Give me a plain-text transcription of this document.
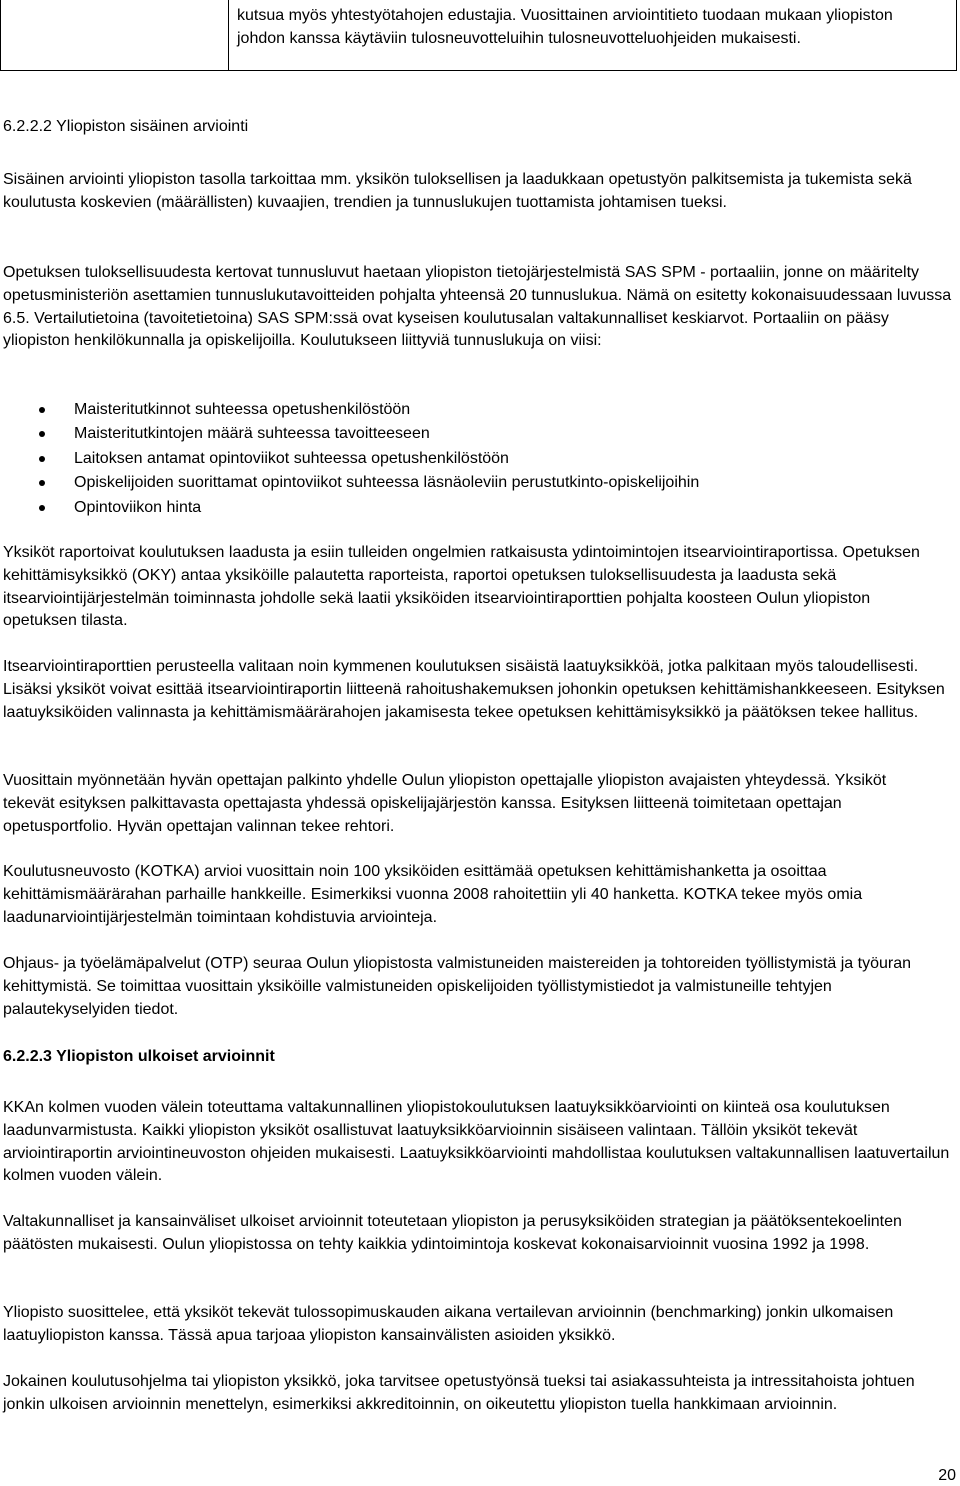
kutsua myös yhtestyötahojen edustajia. Vuosittainen arviointitieto tuodaan mukaan yliopiston johdon kanssa käytäviin tulosneuvotteluihin tulosneuvotteluohjeiden mukaisesti.
6.2.2.2 Yliopiston sisäinen arviointi

Sisäinen arviointi yliopiston tasolla tarkoittaa mm. yksikön tuloksellisen ja laadukkaan opetustyön palkitsemista ja tukemista sekä koulutusta koskevien (määrällisten) kuvaajien, trendien ja tunnuslukujen tuottamista johtamisen tueksi.

Opetuksen tuloksellisuudesta kertovat tunnusluvut haetaan yliopiston tietojärjestelmistä SAS SPM - portaaliin, jonne on määritelty opetusministeriön asettamien tunnuslukutavoitteiden pohjalta yhteensä 20 tunnuslukua. Nämä on esitetty kokonaisuudessaan luvussa 6.5. Vertailutietoina (tavoitetietoina) SAS SPM:ssä ovat kyseisen koulutusalan valtakunnalliset keskiarvot. Portaaliin on pääsy yliopiston henkilökunnalla ja opiskelijoilla. Koulutukseen liittyviä tunnuslukuja on viisi:

Maisteritutkinnot suhteessa opetushenkilöstöön
Maisteritutkintojen määrä suhteessa tavoitteeseen
Laitoksen antamat opintoviikot suhteessa opetushenkilöstöön
Opiskelijoiden suorittamat opintoviikot suhteessa läsnäoleviin perustutkinto-opiskelijoihin
Opintoviikon hinta

Yksiköt raportoivat koulutuksen laadusta ja esiin tulleiden ongelmien ratkaisusta ydintoimintojen itsearviointiraportissa. Opetuksen kehittämisyksikkö (OKY) antaa yksiköille palautetta raporteista, raportoi opetuksen tuloksellisuudesta ja laadusta sekä itsearviointijärjestelmän toiminnasta johdolle sekä laatii yksiköiden itsearviointiraporttien pohjalta koosteen Oulun yliopiston opetuksen tilasta.

Itsearviointiraporttien perusteella valitaan noin kymmenen koulutuksen sisäistä laatuyksikköä, jotka palkitaan myös taloudellisesti. Lisäksi yksiköt voivat esittää itsearviointiraportin liitteenä rahoitushakemuksen johonkin opetuksen kehittämishankkeeseen. Esityksen laatuyksiköiden valinnasta ja kehittämismäärärahojen jakamisesta tekee opetuksen kehittämisyksikkö ja päätöksen tekee hallitus.

Vuosittain myönnetään hyvän opettajan palkinto yhdelle Oulun yliopiston opettajalle yliopiston avajaisten yhteydessä. Yksiköt tekevät esityksen palkittavasta opettajasta yhdessä opiskelijajärjestön kanssa. Esityksen liitteenä toimitetaan opettajan opetusportfolio. Hyvän opettajan valinnan tekee rehtori.

Koulutusneuvosto (KOTKA) arvioi vuosittain noin 100 yksiköiden esittämää opetuksen kehittämishanketta ja osoittaa kehittämismäärärahan parhaille hankkeille. Esimerkiksi vuonna 2008 rahoitettiin yli 40 hanketta. KOTKA tekee myös omia laadunarviointijärjestelmän toimintaan kohdistuvia arviointeja.

Ohjaus- ja työelämäpalvelut (OTP) seuraa Oulun yliopistosta valmistuneiden maistereiden ja tohtoreiden työllistymistä ja työuran kehittymistä. Se toimittaa vuosittain yksiköille valmistuneiden opiskelijoiden työllistymistiedot ja valmistuneille tehtyjen palautekyselyiden tiedot.

6.2.2.3 Yliopiston ulkoiset arvioinnit

KKAn kolmen vuoden välein toteuttama valtakunnallinen yliopistokoulutuksen laatuyksikköarviointi on kiinteä osa koulutuksen laadunvarmistusta. Kaikki yliopiston yksiköt osallistuvat laatuyksikköarvioinnin sisäiseen valintaan. Tällöin yksiköt tekevät arviointiraportin arviointineuvoston ohjeiden mukaisesti. Laatuyksikköarviointi mahdollistaa koulutuksen valtakunnallisen laatuvertailun kolmen vuoden välein.

Valtakunnalliset ja kansainväliset ulkoiset arvioinnit toteutetaan yliopiston ja perusyksiköiden strategian ja päätöksentekoelinten päätösten mukaisesti. Oulun yliopistossa on tehty kaikkia ydintoimintoja koskevat kokonaisarvioinnit vuosina 1992 ja 1998.

Yliopisto suosittelee, että yksiköt tekevät tulossopimuskauden aikana vertailevan arvioinnin (benchmarking) jonkin ulkomaisen laatuyliopiston kanssa. Tässä apua tarjoaa yliopiston kansainvälisten asioiden yksikkö.

Jokainen koulutusohjelma tai yliopiston yksikkö, joka tarvitsee opetustyönsä tueksi tai asiakassuhteista ja intressitahoista johtuen jonkin ulkoisen arvioinnin menettelyn, esimerkiksi akkreditoinnin, on oikeutettu yliopiston tuella hankkimaan arvioinnin.

20
